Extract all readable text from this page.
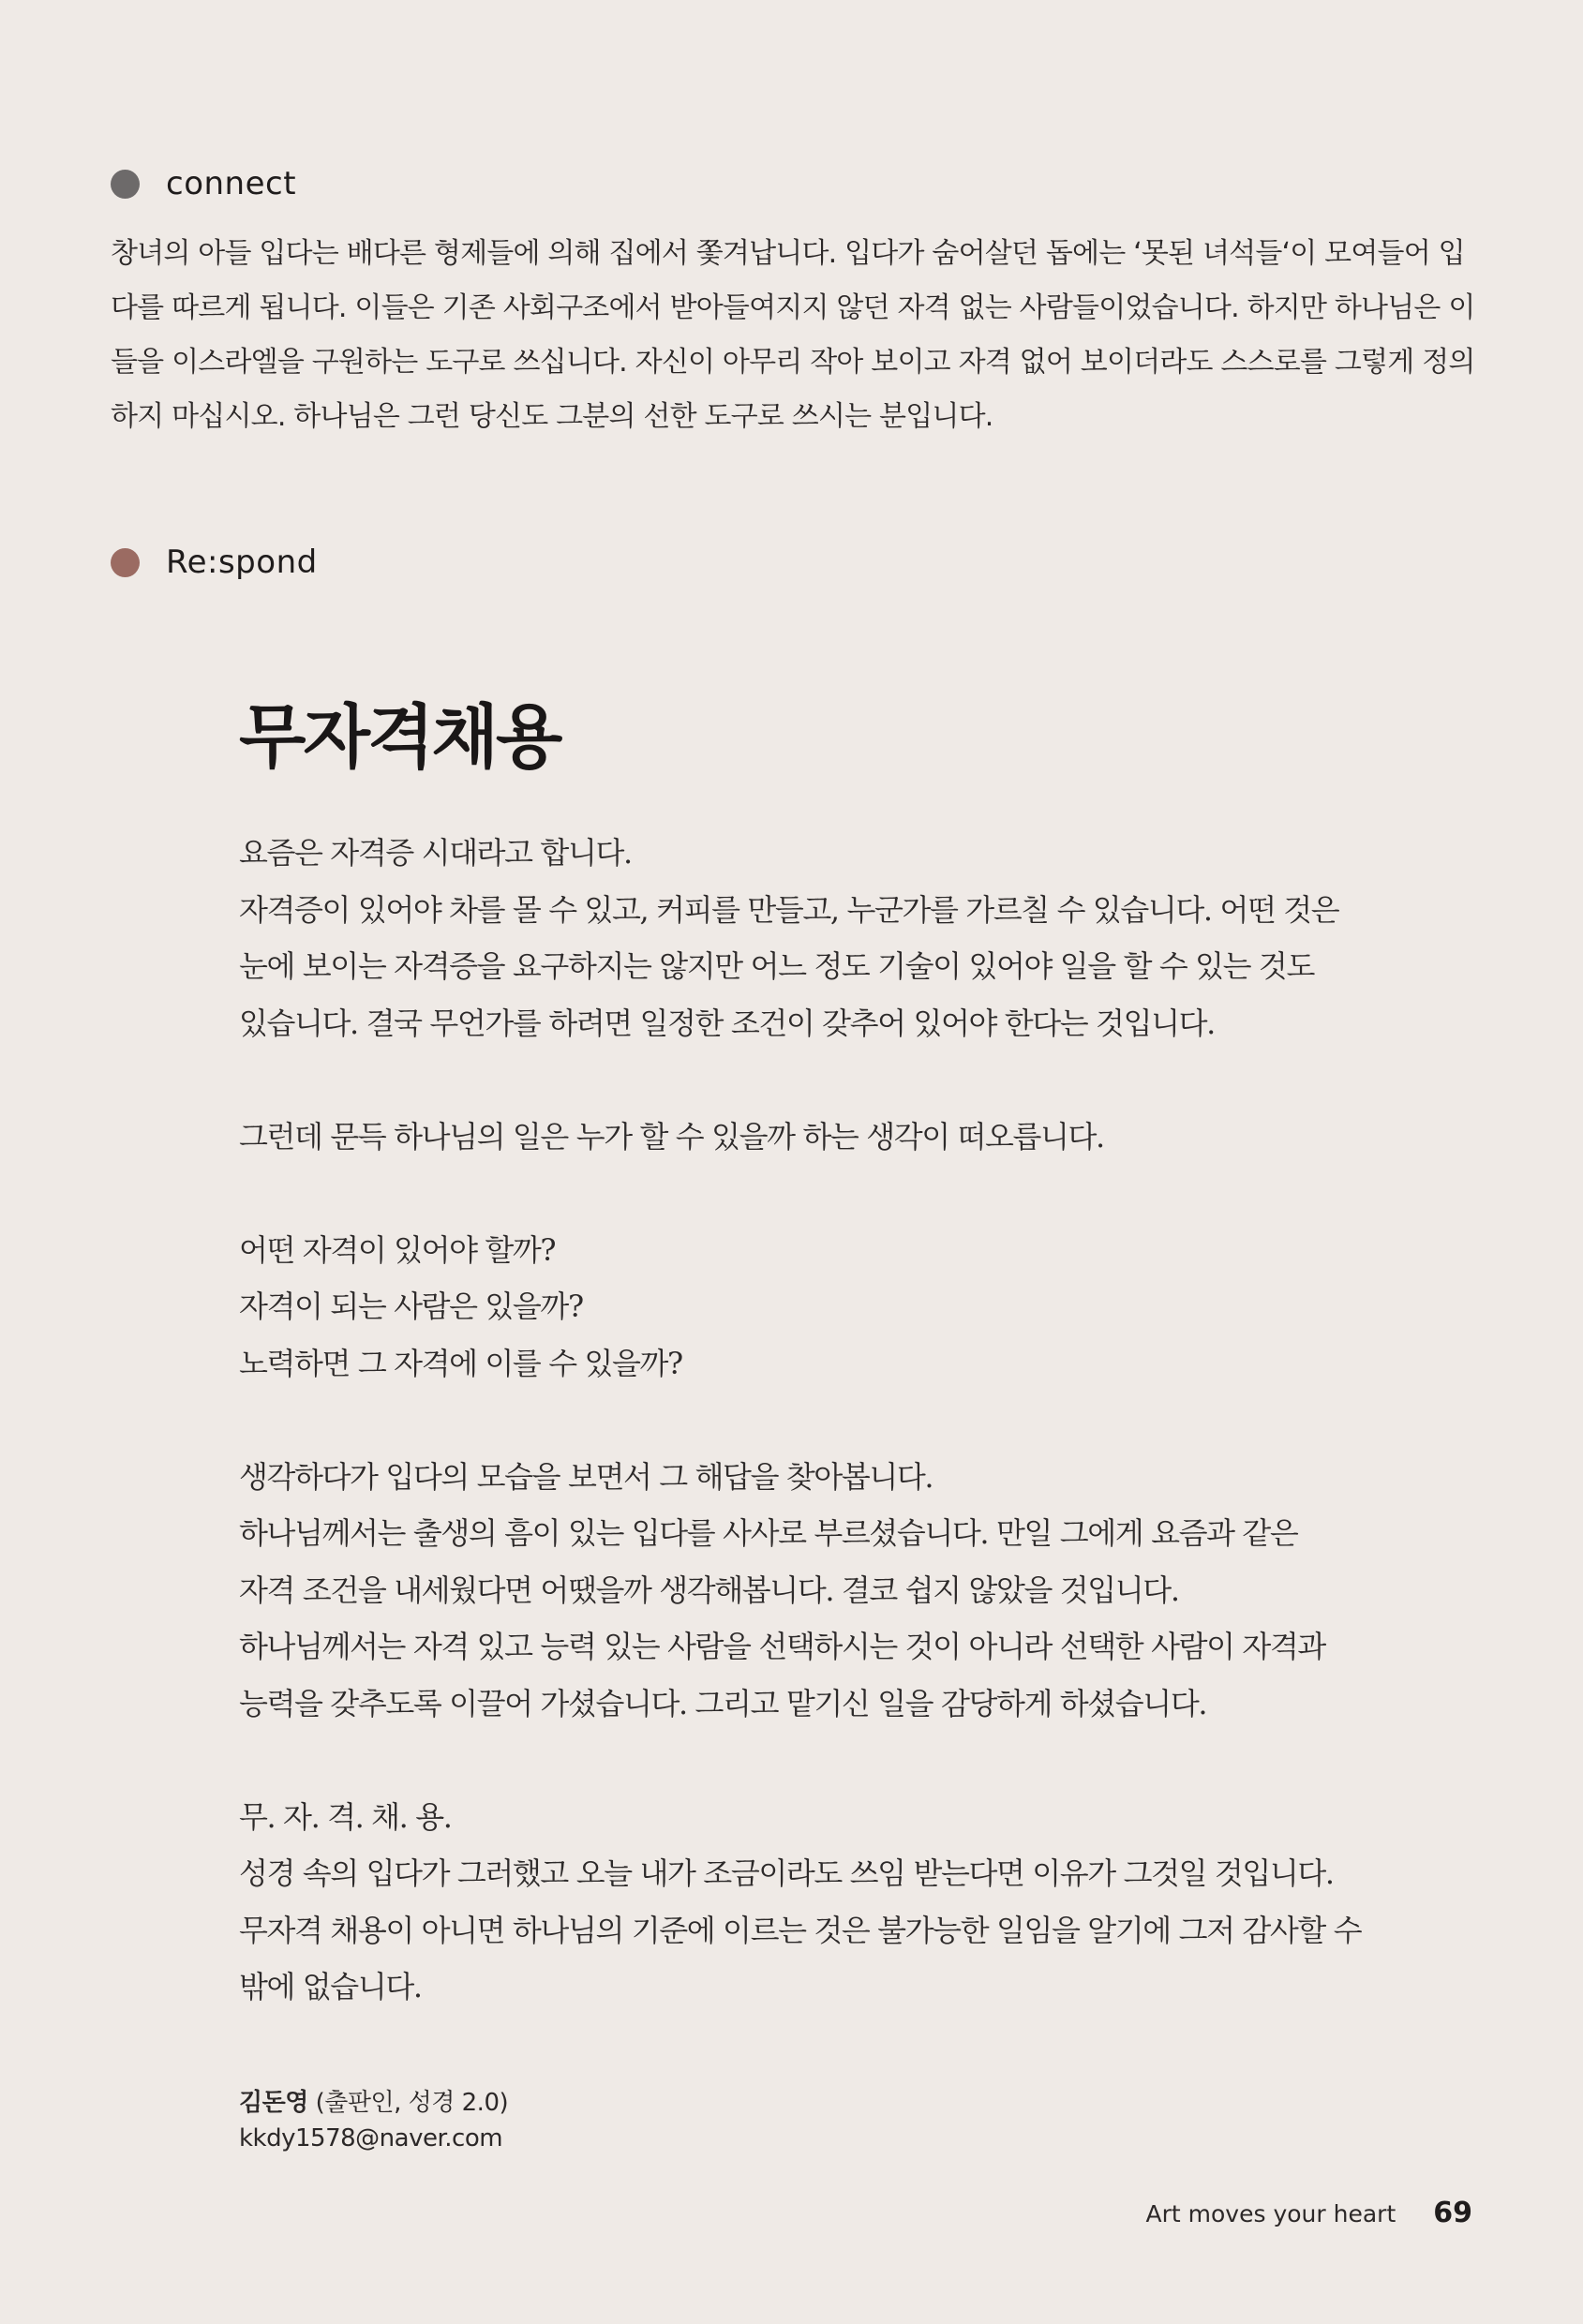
connect
창녀의 아들 입다는 배다른 형제들에 의해 집에서 쫓겨납니다. 입다가 숨어살던 돕에는 ‘못된 녀석들‘이 모여들어 입
다를 따르게 됩니다. 이들은 기존 사회구조에서 받아들여지지 않던 자격 없는 사람들이었습니다. 하지만 하나님은 이
들을 이스라엘을 구원하는 도구로 쓰십니다. 자신이 아무리 작아 보이고 자격 없어 보이더라도 스스로를 그렇게 정의
하지 마십시오. 하나님은 그런 당신도 그분의 선한 도구로 쓰시는 분입니다.
Re:spond
무자격채용
요즘은 자격증 시대라고 합니다.
자격증이 있어야 차를 몰 수 있고, 커피를 만들고, 누군가를 가르칠 수 있습니다. 어떤 것은
눈에 보이는 자격증을 요구하지는 않지만 어느 정도 기술이 있어야 일을 할 수 있는 것도
있습니다. 결국 무언가를 하려면 일정한 조건이 갖추어 있어야 한다는 것입니다.
그런데 문득 하나님의 일은 누가 할 수 있을까 하는 생각이 떠오릅니다.
어떤 자격이 있어야 할까?
자격이 되는 사람은 있을까?
노력하면 그 자격에 이를 수 있을까?
생각하다가 입다의 모습을 보면서 그 해답을 찾아봅니다.
하나님께서는 출생의 흠이 있는 입다를 사사로 부르셨습니다. 만일 그에게 요즘과 같은
자격 조건을 내세웠다면 어땠을까 생각해봅니다. 결코 쉽지 않았을 것입니다.
하나님께서는 자격 있고 능력 있는 사람을 선택하시는 것이 아니라 선택한 사람이 자격과
능력을 갖추도록 이끌어 가셨습니다. 그리고 맡기신 일을 감당하게 하셨습니다.
무. 자. 격. 채. 용.
성경 속의 입다가 그러했고 오늘 내가 조금이라도 쓰임 받는다면 이유가 그것일 것입니다.
무자격 채용이 아니면 하나님의 기준에 이르는 것은 불가능한 일임을 알기에 그저 감사할 수
밖에 없습니다.
김돈영 (출판인, 성경 2.0)
kkdy1578@naver.com
Art moves your heart 69
